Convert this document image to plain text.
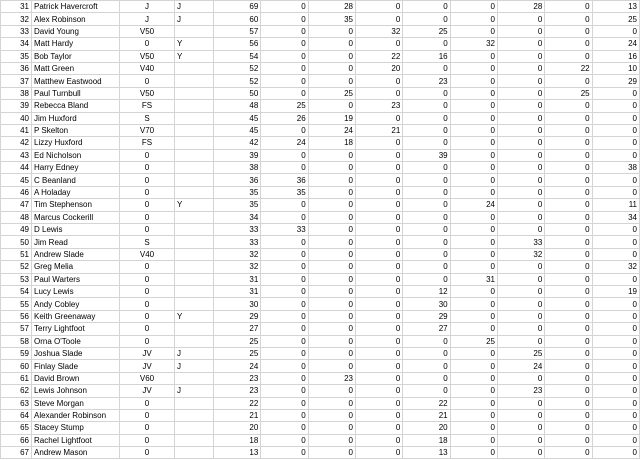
31	Patrick Havercroft	J	J	69	0	28	0	0	0	28	0	13
32	Alex Robinson	J	J	60	0	35	0	0	0	0	0	25
33	David Young	V50		57	0	0	32	25	0	0	0	0
34	Matt Hardy	0	Y	56	0	0	0	0	32	0	0	24
35	Bob Taylor	V50	Y	54	0	0	22	16	0	0	0	16
36	Matt Green	V40		52	0	0	20	0	0	0	22	10
37	Matthew Eastwood	0		52	0	0	0	23	0	0	0	29
38	Paul Turnbull	V50		50	0	25	0	0	0	0	25	0
39	Rebecca Bland	FS		48	25	0	23	0	0	0	0	0
40	Jim Huxford	S		45	26	19	0	0	0	0	0	0
41	P Skelton	V70		45	0	24	21	0	0	0	0	0
42	Lizzy Huxford	FS		42	24	18	0	0	0	0	0	0
43	Ed Nicholson	0		39	0	0	0	39	0	0	0	0
44	Harry Edney	0		38	0	0	0	0	0	0	0	38
45	C Beanland	0		36	36	0	0	0	0	0	0	0
46	A Holaday	0		35	35	0	0	0	0	0	0	0
47	Tim Stephenson	0	Y	35	0	0	0	0	24	0	0	11
48	Marcus Cockerill	0		34	0	0	0	0	0	0	0	34
49	D Lewis	0		33	33	0	0	0	0	0	0	0
50	Jim Read	S		33	0	0	0	0	0	33	0	0
51	Andrew Slade	V40		32	0	0	0	0	0	32	0	0
52	Greg Melia	0		32	0	0	0	0	0	0	0	32
53	Paul Warters	0		31	0	0	0	0	31	0	0	0
54	Lucy Lewis	0		31	0	0	0	12	0	0	0	19
55	Andy Cobley	0		30	0	0	0	30	0	0	0	0
56	Keith Greenaway	0	Y	29	0	0	0	29	0	0	0	0
57	Terry Lightfoot	0		27	0	0	0	27	0	0	0	0
58	Orna O'Toole	0		25	0	0	0	0	25	0	0	0
59	Joshua Slade	JV	J	25	0	0	0	0	0	25	0	0
60	Finlay Slade	JV	J	24	0	0	0	0	0	24	0	0
61	David Brown	V60		23	0	23	0	0	0	0	0	0
62	Lewis Johnson	JV	J	23	0	0	0	0	0	23	0	0
63	Steve Morgan	0		22	0	0	0	22	0	0	0	0
64	Alexander Robinson	0		21	0	0	0	21	0	0	0	0
65	Stacey Stump	0		20	0	0	0	20	0	0	0	0
66	Rachel Lightfoot	0		18	0	0	0	18	0	0	0	0
67	Andrew Mason	0		13	0	0	0	13	0	0	0	0
